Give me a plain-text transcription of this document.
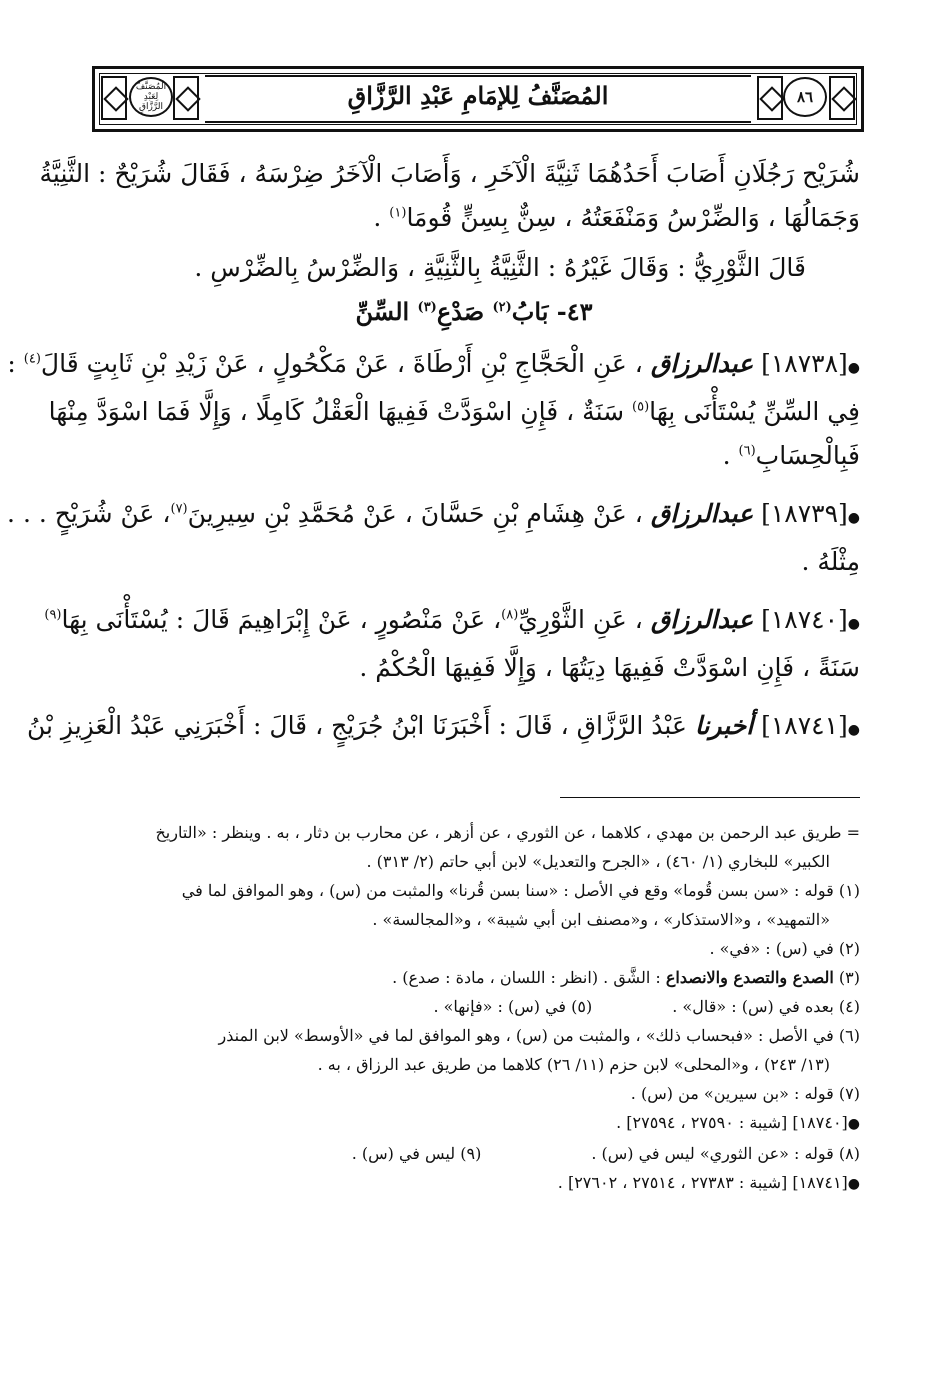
المُصَنَّفُ لِعَبْدِ الرَّزَّاقِ
٨٦
المُصَنَّفُ لِلإمَامِ عَبْدِ الرَّزَّاقِ
شُرَيْح رَجُلَانِ أَصَابَ أَحَدُهُمَا ثَنِيَّةَ الْآخَرِ ، وَأَصَابَ الْآخَرُ ضِرْسَهُ ، فَقَالَ شُرَيْحٌ : الثَّنِيَّةُ
وَجَمَالُهَا ، وَالضِّرْسُ وَمَنْفَعَتُهُ ، سِنٌّ بِسِنٍّ قُومَا$^{(١)}$ .
قَالَ الثَّوْرِيُّ : وَقَالَ غَيْرُهُ : الثَّنِيَّةُ بِالثَّنِيَّةِ ، وَالضِّرْسُ بِالضِّرْسِ .
٤٣- بَابُ$^{(٢)}$ صَدْعِ$^{(٣)}$ السِّنِّ
●[١٨٧٣٨] عبدالرزاق ، عَنِ الْحَجَّاجِ بْنِ أَرْطَاةَ ، عَنْ مَكْحُولٍ ، عَنْ زَيْدِ بْنِ ثَابِتٍ قَالَ$^{(٤)}$ :
فِي السِّنِّ يُسْتَأْنَى بِهَا$^{(٥)}$ سَنَةٌ ، فَإِنِ اسْوَدَّتْ فَفِيهَا الْعَقْلُ كَامِلًا ، وَإِلَّا فَمَا اسْوَدَّ مِنْهَا
فَبِالْحِسَابِ$^{(٦)}$ .
●[١٨٧٣٩] عبدالرزاق ، عَنْ هِشَامِ بْنِ حَسَّانَ ، عَنْ مُحَمَّدِ بْنِ سِيرِينَ$^{(٧)}$، عَنْ شُرَيْحٍ . . .
مِثْلَهُ .
●[١٨٧٤٠] عبدالرزاق ، عَنِ الثَّوْرِيِّ$^{(٨)}$، عَنْ مَنْصُورٍ ، عَنْ إِبْرَاهِيمَ قَالَ : يُسْتَأْنَى بِهَا$^{(٩)}$
سَنَةً ، فَإِنِ اسْوَدَّتْ فَفِيهَا دِيَتُهَا ، وَإِلَّا فَفِيهَا الْحُكْمُ .
●[١٨٧٤١] أخبرنا عَبْدُ الرَّزَّاقِ ، قَالَ : أَخْبَرَنَا ابْنُ جُرَيْجٍ ، قَالَ : أَخْبَرَنِي عَبْدُ الْعَزِيزِ بْنُ
= طريق عبد الرحمن بن مهدي ، كلاهما ، عن الثوري ، عن أزهر ، عن محارب بن دثار ، به . وينظر : «التاريخ
الكبير» للبخاري (١/ ٤٦٠) ، «الجرح والتعديل» لابن أبي حاتم (٢/ ٣١٣) .
(١) قوله : «سن بسن قُوما» وقع في الأصل : «سنا بسن قُرنا» والمثبت من (س) ، وهو الموافق لما في
«التمهيد» ، و«الاستذكار» ، و«مصنف ابن أبي شيبة» ، و«المجالسة» .
(٢) في (س) : «في» .
(٣) الصدع والتصدع والانصداع : الشَّق . (انظر : اللسان ، مادة : صدع) .
(٤) بعده في (س) : «قال» .
(٥) في (س) : «فإنها» .
(٦) في الأصل : «فبحساب ذلك» ، والمثبت من (س) ، وهو الموافق لما في «الأوسط» لابن المنذر
(١٣/ ٢٤٣) ، و«المحلى» لابن حزم (١١/ ٢٦) كلاهما من طريق عبد الرزاق ، به .
(٧) قوله : «بن سيرين» من (س) .
●[١٨٧٤٠] [شيبة : ٢٧٥٩٠ ، ٢٧٥٩٤] .
(٨) قوله : «عن الثوري» ليس في (س) .
(٩) ليس في (س) .
●[١٨٧٤١] [شيبة : ٢٧٣٨٣ ، ٢٧٥١٤ ، ٢٧٦٠٢] .
